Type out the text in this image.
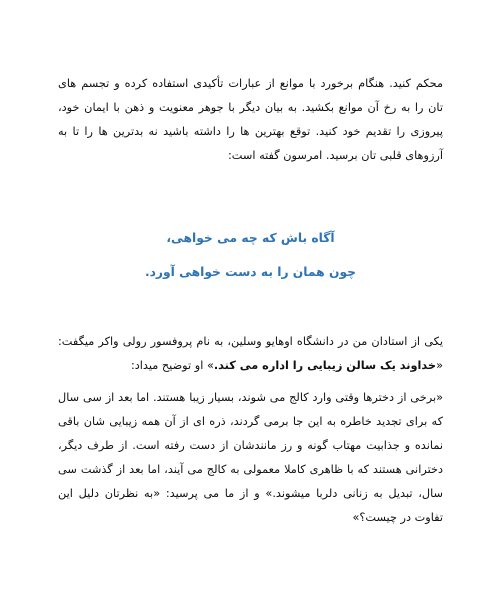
محکم کنید. هنگام برخورد با موانع از عبارات تأکیدی استفاده کرده و تجسم های تان را به رخ آن موانع بکشید. به بیان دیگر با جوهر معنویت و ذهن با ایمان خود، پیروزی را تقدیم خود کنید. توقع بهترین ها را داشته باشید نه بدترین ها را تا به آرزوهای قلبی تان برسید. امرسون گفته است:

آگاه باش که چه می خواهی،

چون همان را به دست خواهی آورد.

یکی از استادان من در دانشگاه اوهایو وسلین، به نام پروفسور رولی واکر میگفت: «خداوند یک سالن زیبایی را اداره می کند.» او توضیح میداد:

«برخی از دخترها وقتی وارد کالج می شوند، بسیار زیبا هستند. اما بعد از سی سال که برای تجدید خاطره به این جا برمی گردند، ذره ای از آن همه زیبایی شان باقی نمانده و جذابیت مهتاب گونه و رز مانندشان از دست رفته است. از طرف دیگر، دخترانی هستند که با ظاهری کاملا معمولی به کالج می آیند، اما بعد از گذشت سی سال، تبدیل به زنانی دلربا میشوند.» و از ما می پرسید: «به نظرتان دلیل این تفاوت در چیست؟»
